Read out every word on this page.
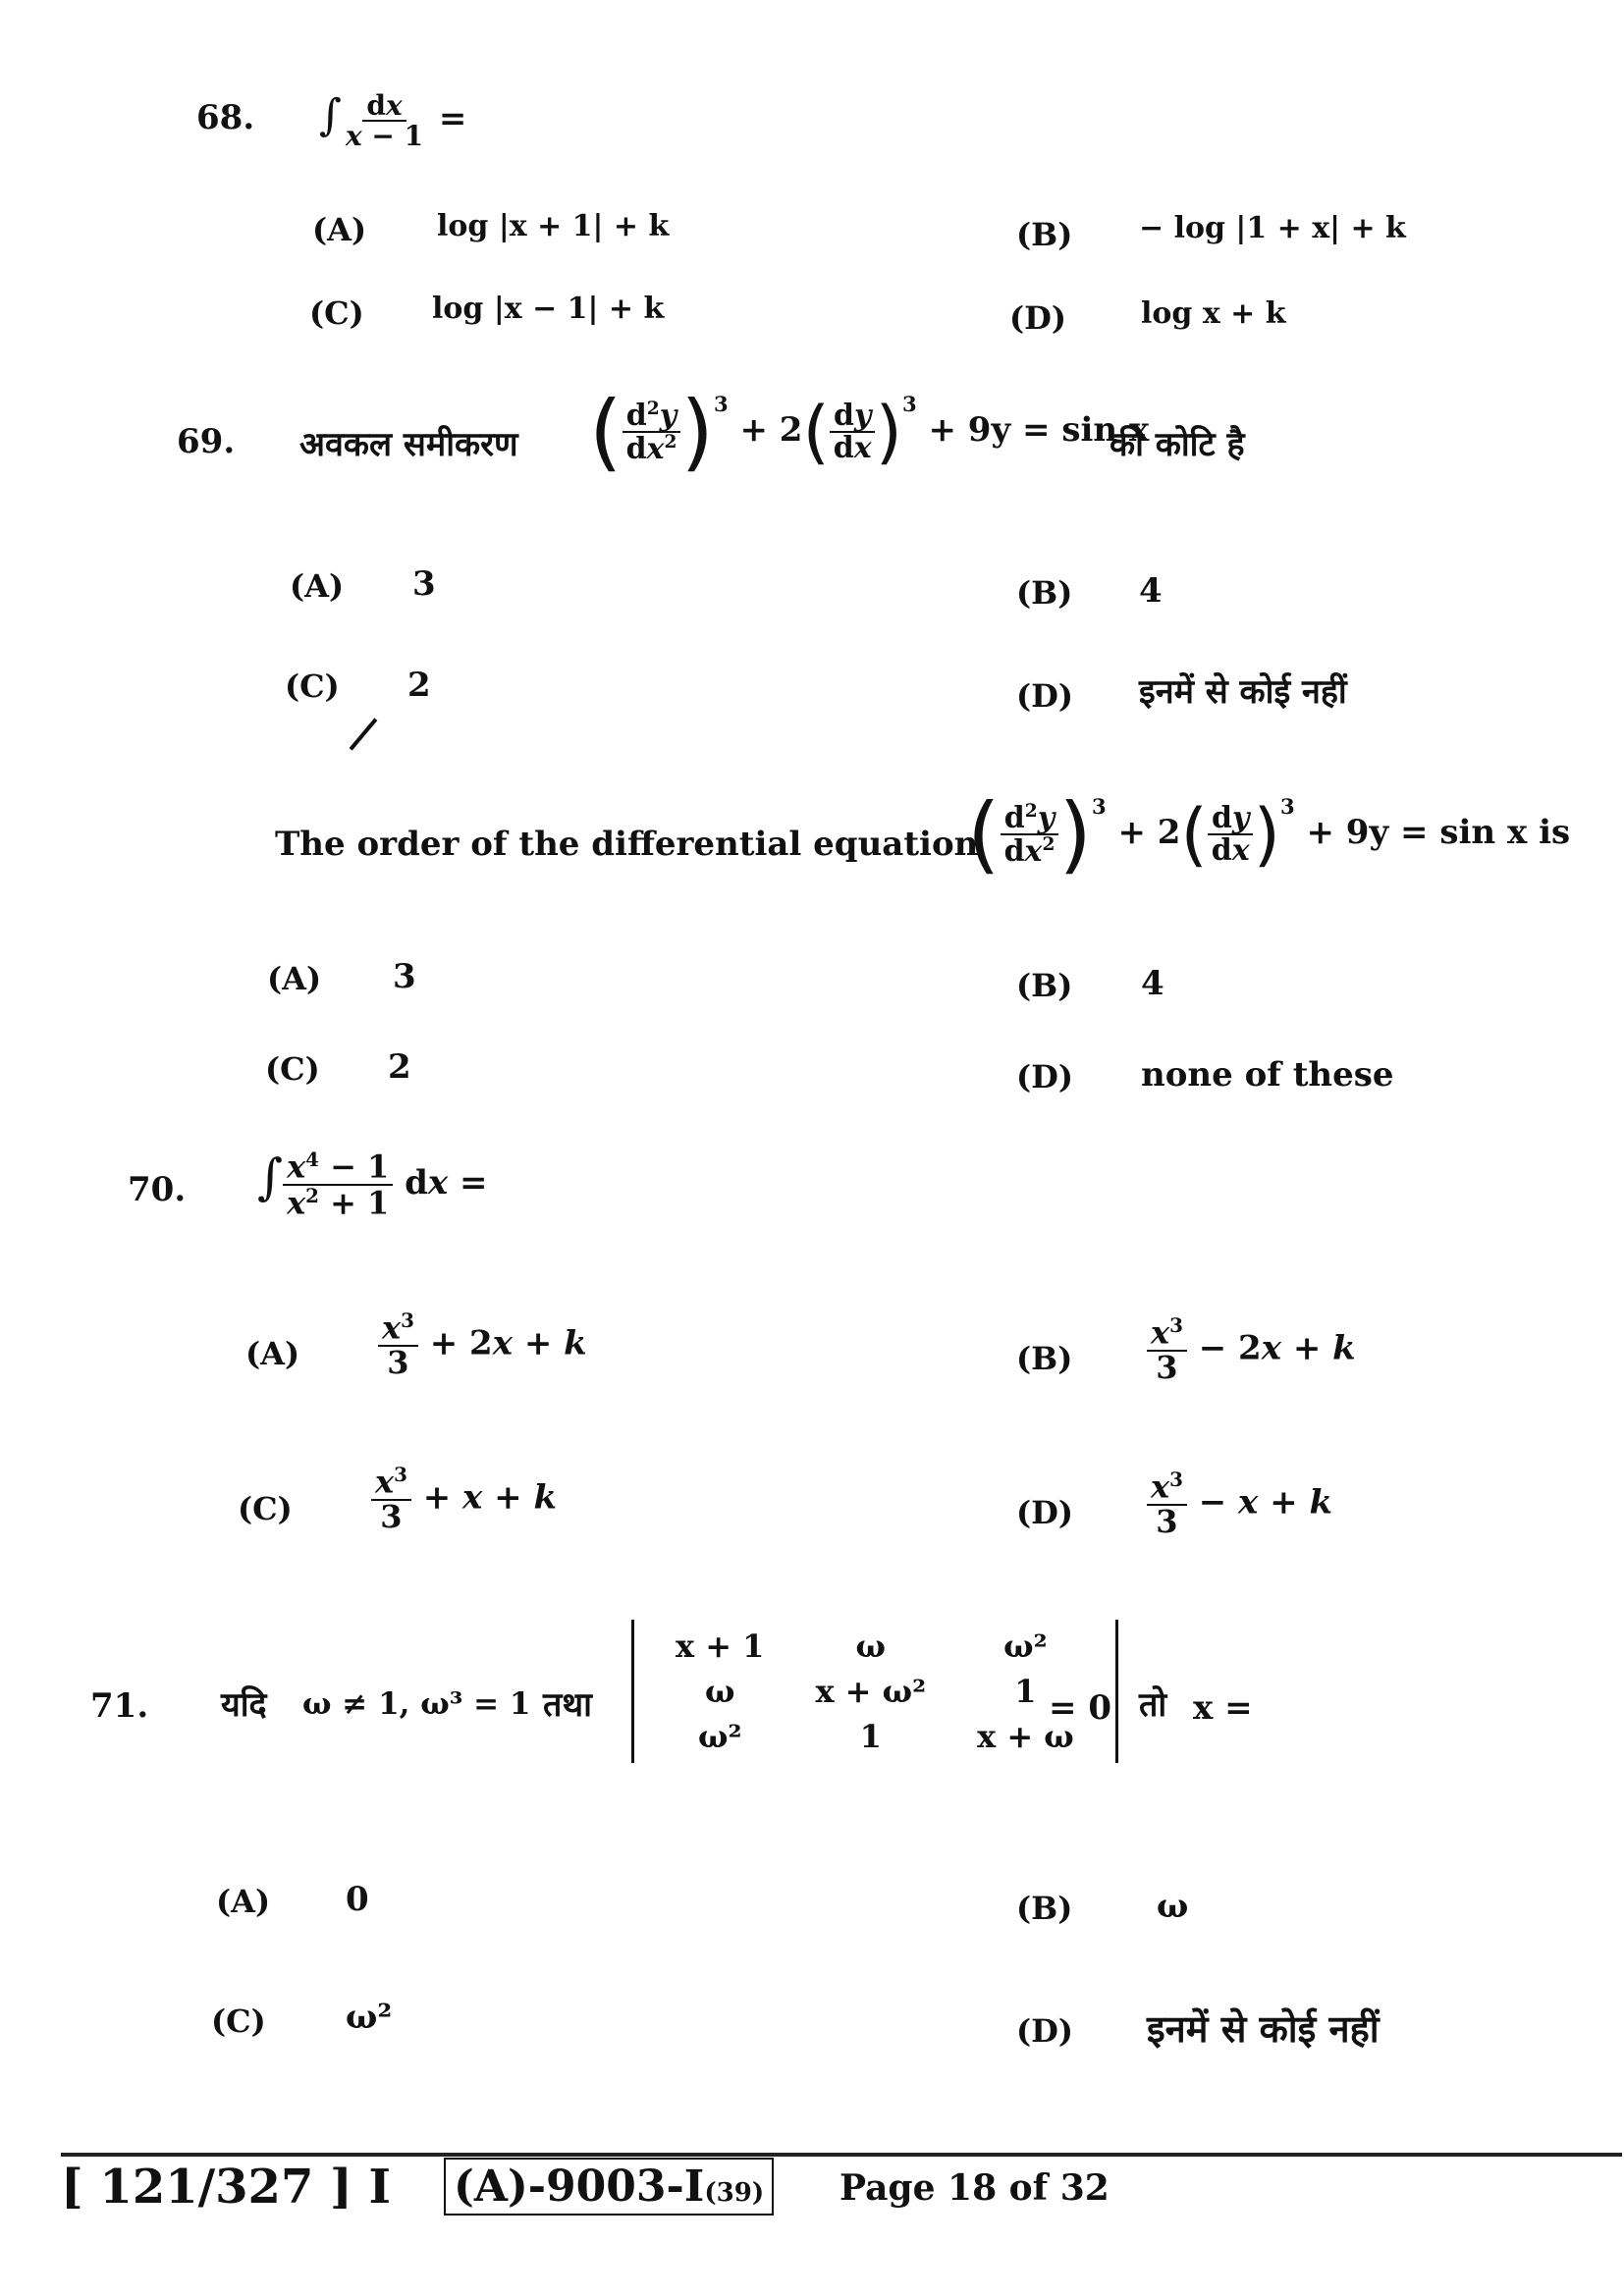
68. ∫ $\frac{dx}{x - 1}$ =
(A) log |x + 1| + k	(B) − log |1 + x| + k
(C) log |x − 1| + k	(D)	log x + k
69. अवकल समीकरण ( $\frac{d^2y}{dx^2} )^3 + 2( \frac{dy}{dx} )^3 + 9y = \sin x$
की कोटि है
(A) 3	(B) 4
(C) 2	(D) इनमें से कोई नहीं
The order of the differential equation
( $\frac{d^2y}{dx^2} )^3 + 2( \frac{dy}{dx} )^3 + 9y = \sin x$ is
(A) 3	(B) 4
(C) 2	(D) none of these
70. ∫ $\frac{x^4 - 1}{x^2 + 1}$ dx =
$(A) \frac{x^3}{3} + 2x + k$	$(B) \frac{x^3}{3} - 2x + k$
(C)	$\frac{x^3}{3} + x + k$	$(D) \frac{x^3}{3} - x + k$
71. यदि ω ≠ 1, ω³ = 1 तथा
x + 1	ω	ω²
ω	x + ω²	1
ω²	1	x + ω
= 0 तो x =
(A) 0	(B)	ω
(C) ω²	(D) इनमें से कोई नहीं
[ 121/327 ] I (A)-9003-I(39) Page 18 of 32
